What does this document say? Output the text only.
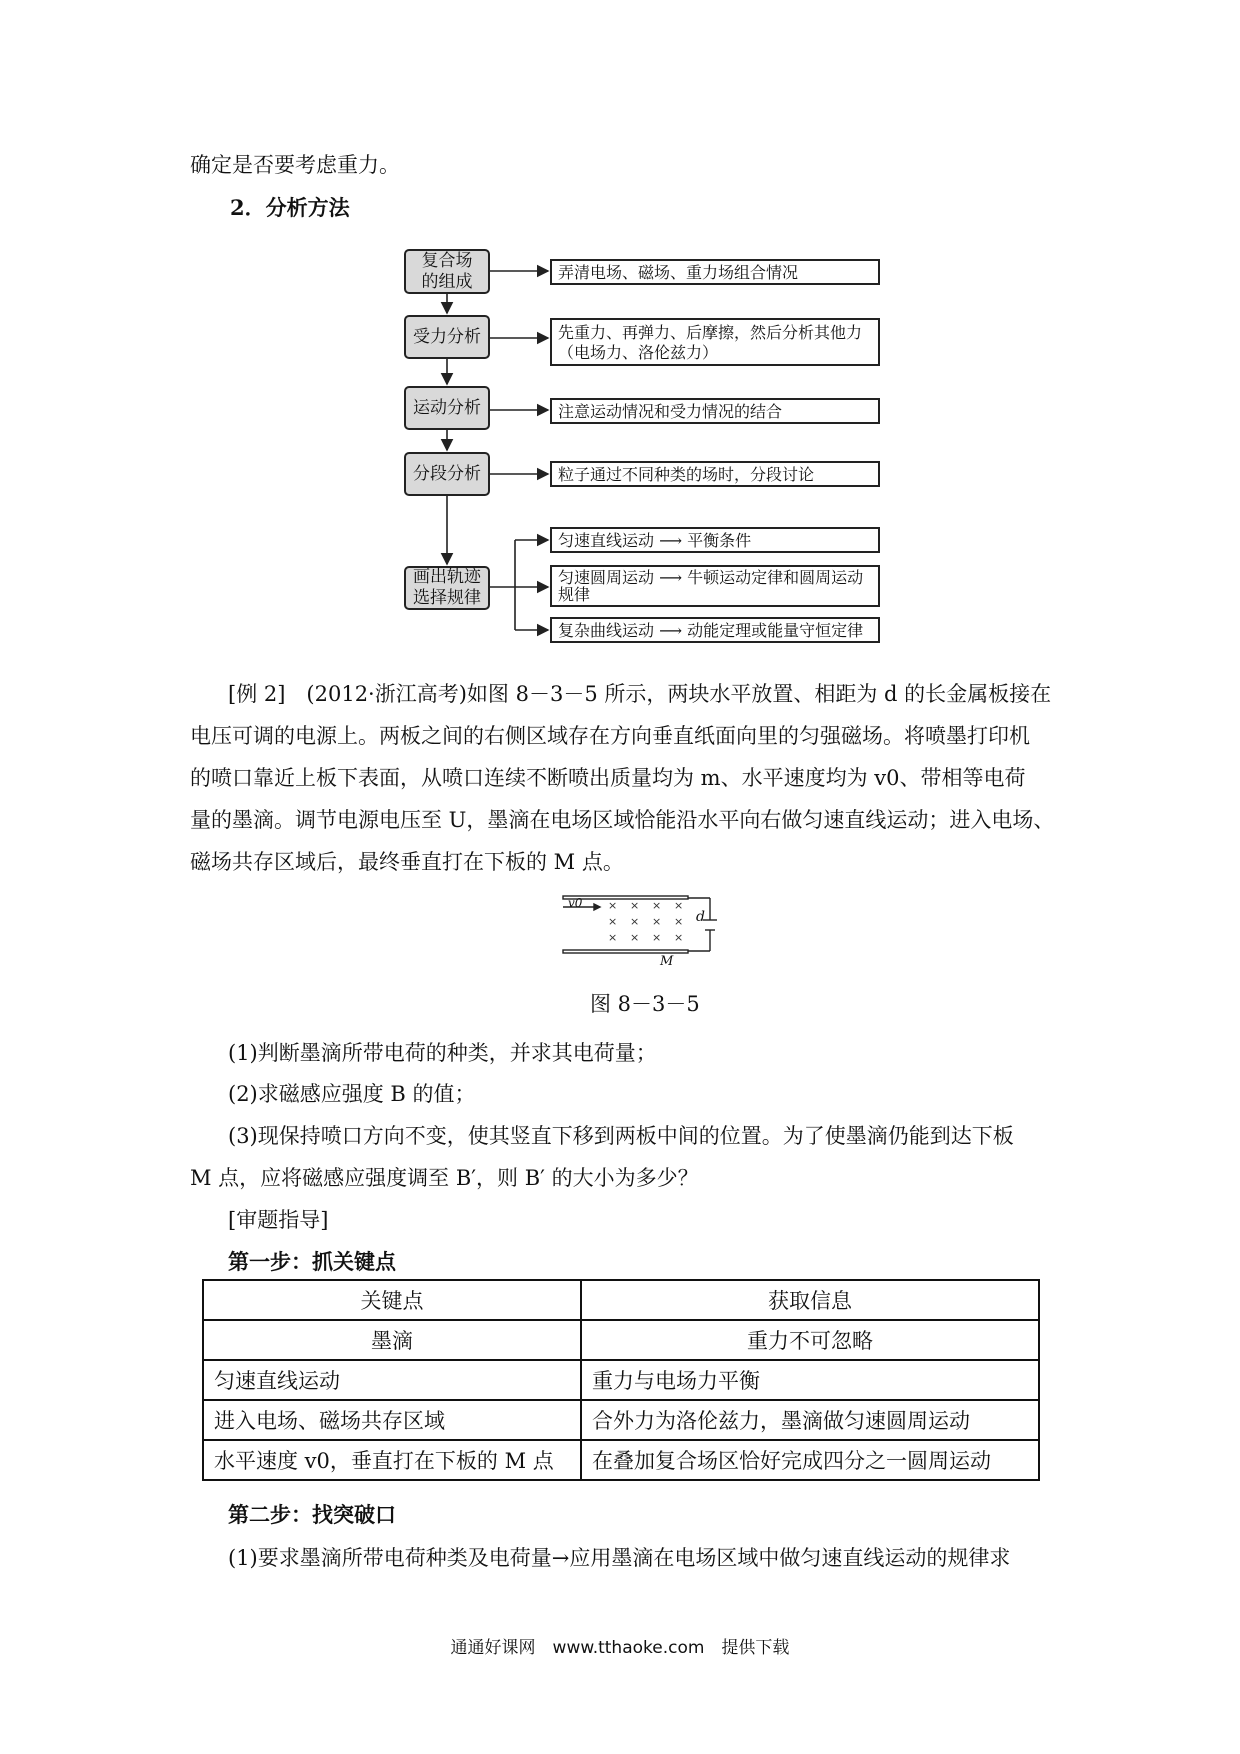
确定是否要考虑重力。
2．分析方法
复合场
的组成
受力分析
运动分析
分段分析
画出轨迹
选择规律
弄清电场、磁场、重力场组合情况
先重力、再弹力、后摩擦，然后分析其他力（电场力、洛伦兹力）
注意运动情况和受力情况的结合
粒子通过不同种类的场时，分段讨论
匀速直线运动 ⟶ 平衡条件
匀速圆周运动 ⟶ 牛顿运动定律和圆周运动规律
复杂曲线运动 ⟶ 动能定理或能量守恒定律
[例 2]　(2012·浙江高考)如图 8－3－5 所示，两块水平放置、相距为 d 的长金属板接在
电压可调的电源上。两板之间的右侧区域存在方向垂直纸面向里的匀强磁场。将喷墨打印机
的喷口靠近上板下表面，从喷口连续不断喷出质量均为 m、水平速度均为 v0、带相等电荷
量的墨滴。调节电源电压至 U，墨滴在电场区域恰能沿水平向右做匀速直线运动；进入电场、
磁场共存区域后，最终垂直打在下板的 M 点。
× × × ×
× × × ×
× × × ×
v0
d
M
图 8－3－5
(1)判断墨滴所带电荷的种类，并求其电荷量；
(2)求磁感应强度 B 的值；
(3)现保持喷口方向不变，使其竖直下移到两板中间的位置。为了使墨滴仍能到达下板
M 点，应将磁感应强度调至 B′，则 B′ 的大小为多少？
[审题指导]
第一步：抓关键点
关键点	获取信息
墨滴	重力不可忽略
匀速直线运动	重力与电场力平衡
进入电场、磁场共存区域	合外力为洛伦兹力，墨滴做匀速圆周运动
水平速度 v0，垂直打在下板的 M 点	在叠加复合场区恰好完成四分之一圆周运动
第二步：找突破口
(1)要求墨滴所带电荷种类及电荷量→应用墨滴在电场区域中做匀速直线运动的规律求
通通好课网　www.tthaoke.com　提供下载
